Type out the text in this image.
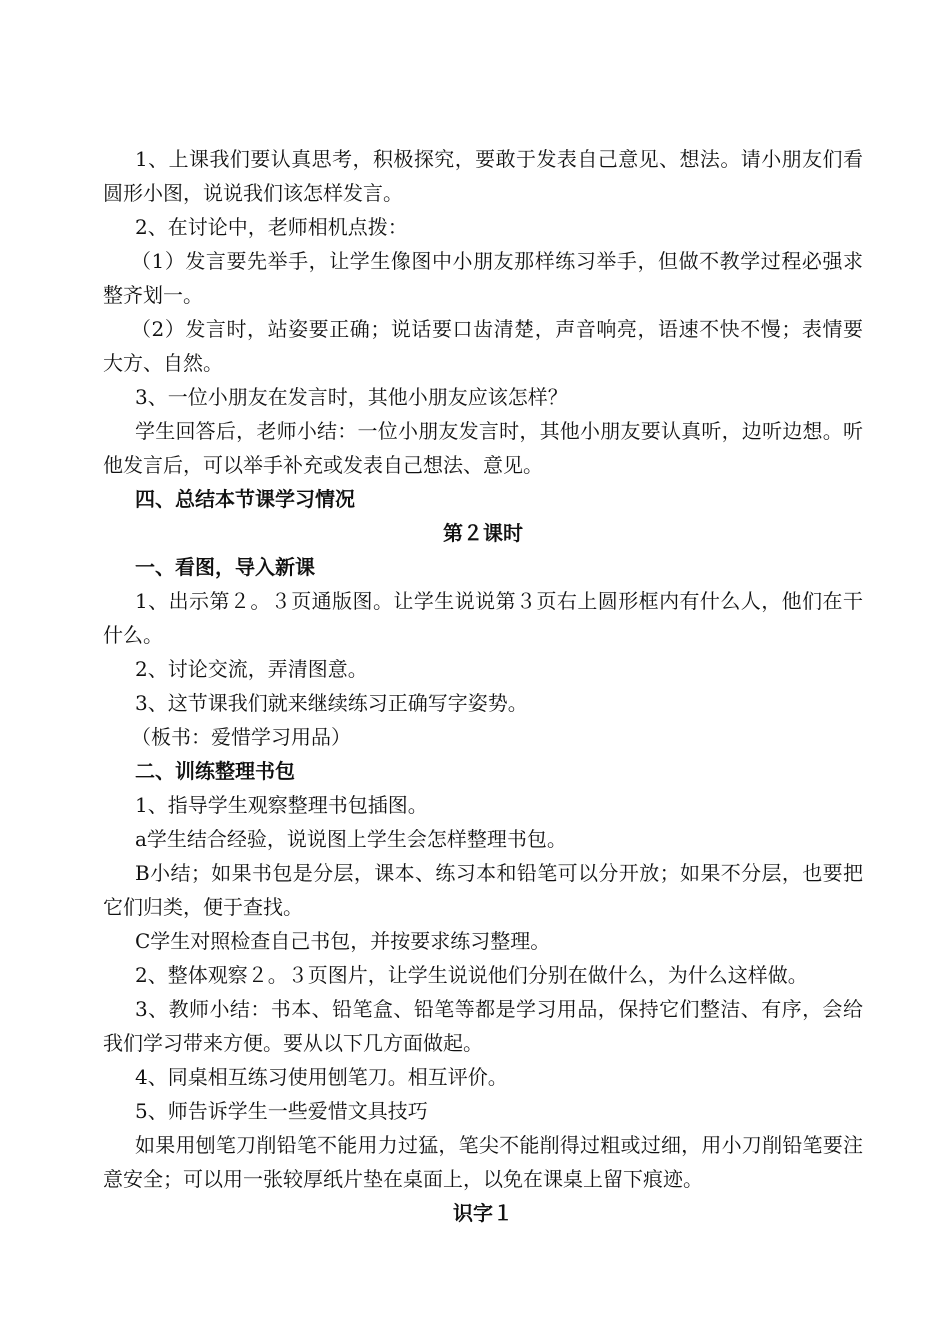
1、上课我们要认真思考，积极探究，要敢于发表自己意见、想法。请小朋友们看圆形小图，说说我们该怎样发言。

2、在讨论中，老师相机点拨：

（1）发言要先举手，让学生像图中小朋友那样练习举手，但做不教学过程必强求整齐划一。

（2）发言时，站姿要正确；说话要口齿清楚，声音响亮，语速不快不慢；表情要大方、自然。

3、一位小朋友在发言时，其他小朋友应该怎样？

学生回答后，老师小结：一位小朋友发言时，其他小朋友要认真听，边听边想。听他发言后，可以举手补充或发表自己想法、意见。

四、总结本节课学习情况

第２课时

一、看图，导入新课

1、出示第２。３页通版图。让学生说说第３页右上圆形框内有什么人，他们在干什么。

2、讨论交流，弄清图意。

3、这节课我们就来继续练习正确写字姿势。

（板书：爱惜学习用品）

二、训练整理书包

1、指导学生观察整理书包插图。

a学生结合经验，说说图上学生会怎样整理书包。

B小结；如果书包是分层，课本、练习本和铅笔可以分开放；如果不分层，也要把它们归类，便于查找。

C学生对照检查自己书包，并按要求练习整理。

2、整体观察２。３页图片，让学生说说他们分别在做什么，为什么这样做。

3、教师小结：书本、铅笔盒、铅笔等都是学习用品，保持它们整洁、有序，会给我们学习带来方便。要从以下几方面做起。

4、同桌相互练习使用刨笔刀。相互评价。

5、师告诉学生一些爱惜文具技巧

如果用刨笔刀削铅笔不能用力过猛，笔尖不能削得过粗或过细，用小刀削铅笔要注意安全；可以用一张较厚纸片垫在桌面上，以免在课桌上留下痕迹。

识字１
